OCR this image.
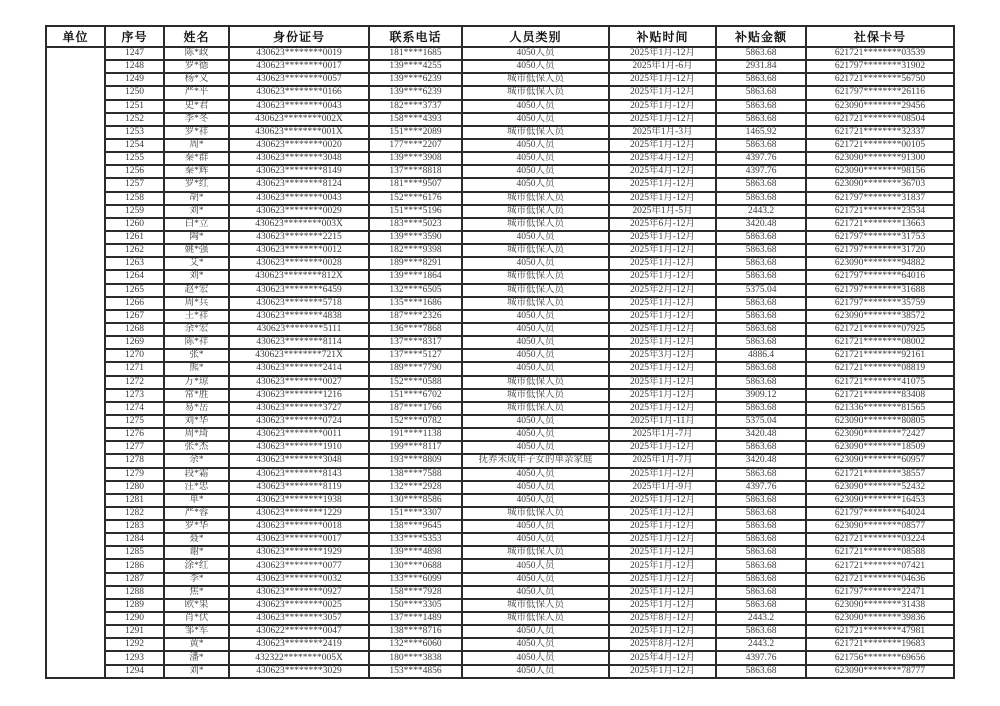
单位	序号	姓名	身份证号	联系电话	人员类别	补贴时间	补贴金额	社保卡号
	1247	陈*政	430623********0019	181****1685	4050人员	2025年1月-12月	5863.68	621721********03539
	1248	罗*德	430623********0017	139****4255	4050人员	2025年1月-6月	2931.84	621797********31902
	1249	杨*义	430623********0057	139****6239	城市低保人员	2025年1月-12月	5863.68	621721********56750
	1250	严*平	430623********0166	139****6239	城市低保人员	2025年1月-12月	5863.68	621797********26116
	1251	史*君	430623********0043	182****3737	4050人员	2025年1月-12月	5863.68	623090********29456
	1252	李*冬	430623********002X	158****4393	4050人员	2025年1月-12月	5863.68	621721********08504
	1253	罗*祥	430623********001X	151****2089	城市低保人员	2025年1月-3月	1465.92	621721********32337
	1254	周*	430623********0020	177****2207	4050人员	2025年1月-12月	5863.68	621721********00105
	1255	秦*群	430623********3048	139****3908	4050人员	2025年4月-12月	4397.76	623090********91300
	1256	秦*辉	430623********8149	137****8818	4050人员	2025年4月-12月	4397.76	623090********98156
	1257	罗*红	430623********8124	181****9507	4050人员	2025年1月-12月	5863.68	623090********36703
	1258	胡*	430623********0043	152****6176	城市低保人员	2025年1月-12月	5863.68	621797********31837
	1259	刘*	430623********0029	151****5196	城市低保人员	2025年1月-5月	2443.2	621721********23534
	1260	白*立	430623********003X	183****5023	城市低保人员	2025年6月-12月	3420.48	621721********13663
	1261	陶*	430623********2215	139****3590	4050人员	2025年1月-12月	5863.68	621797********31753
	1262	姚*强	430623********0012	182****9398	城市低保人员	2025年1月-12月	5863.68	621797********31720
	1263	艾*	430623********0028	189****8291	4050人员	2025年1月-12月	5863.68	623090********94882
	1264	刘*	430623********812X	139****1864	城市低保人员	2025年1月-12月	5863.68	621797********64016
	1265	赵*宏	430623********6459	132****6505	城市低保人员	2025年2月-12月	5375.04	621797********31688
	1266	周*兵	430623********5718	135****1686	城市低保人员	2025年1月-12月	5863.68	621797********35759
	1267	王*祥	430623********4838	187****2326	4050人员	2025年1月-12月	5863.68	623090********38572
	1268	余*宏	430623********5111	136****7868	4050人员	2025年1月-12月	5863.68	621721********07925
	1269	陈*祥	430623********8114	137****8317	4050人员	2025年1月-12月	5863.68	621721********08002
	1270	张*	430623********721X	137****5127	4050人员	2025年3月-12月	4886.4	621721********92161
	1271	熊*	430623********2414	189****7790	4050人员	2025年1月-12月	5863.68	621721********08819
	1272	万*琼	430623********0027	152****0588	城市低保人员	2025年1月-12月	5863.68	621721********41075
	1273	常*胜	430623********1216	151****6702	城市低保人员	2025年1月-12月	3909.12	621721********83408
	1274	易*岳	430623********3727	187****1766	城市低保人员	2025年1月-12月	5863.68	621336********81565
	1275	刘*华	430623********0724	152****0782	4050人员	2025年1月-11月	5375.04	623090********80805
	1276	周*琦	430623********0011	191****1138	4050人员	2025年1月-7月	3420.48	623090********72427
	1277	张*杰	430623********1910	199****8117	4050人员	2025年1月-12月	5863.68	623090********18509
	1278	余*	430623********3048	193****8809	抚养未成年子女的单亲家庭	2025年1月-7月	3420.48	623090********60957
	1279	段*霜	430623********8143	138****7588	4050人员	2025年1月-12月	5863.68	621721********38557
	1280	汪*忠	430623********8119	132****2928	4050人员	2025年1月-9月	4397.76	623090********52432
	1281	单*	430623********1938	130****8586	4050人员	2025年1月-12月	5863.68	623090********16453
	1282	严*蓉	430623********1229	151****3307	城市低保人员	2025年1月-12月	5863.68	621797********64024
	1283	罗*华	430623********0018	138****9645	4050人员	2025年1月-12月	5863.68	623090********08577
	1284	聂*	430623********0017	133****5353	4050人员	2025年1月-12月	5863.68	621721********03224
	1285	谢*	430623********1929	139****4898	城市低保人员	2025年1月-12月	5863.68	621721********08588
	1286	涂*红	430623********0077	130****0688	4050人员	2025年1月-12月	5863.68	621721********07421
	1287	李*	430623********0032	133****6099	4050人员	2025年1月-12月	5863.68	621721********04636
	1288	焦*	430623********0927	158****7928	4050人员	2025年1月-12月	5863.68	621797********22471
	1289	欧*果	430623********0025	150****3305	城市低保人员	2025年1月-12月	5863.68	623090********31438
	1290	肖*伏	430623********3057	137****1489	城市低保人员	2025年8月-12月	2443.2	623090********39836
	1291	邹*军	430622********0047	138****8716	4050人员	2025年1月-12月	5863.68	621721********47981
	1292	黄*	430623********2419	132****6060	4050人员	2025年8月-12月	2443.2	621721********19683
	1293	潘*	432322********005X	180****3838	4050人员	2025年4月-12月	4397.76	621756********69656
	1294	刘*	430623********3029	153****4856	4050人员	2025年1月-12月	5863.68	623090********78777
